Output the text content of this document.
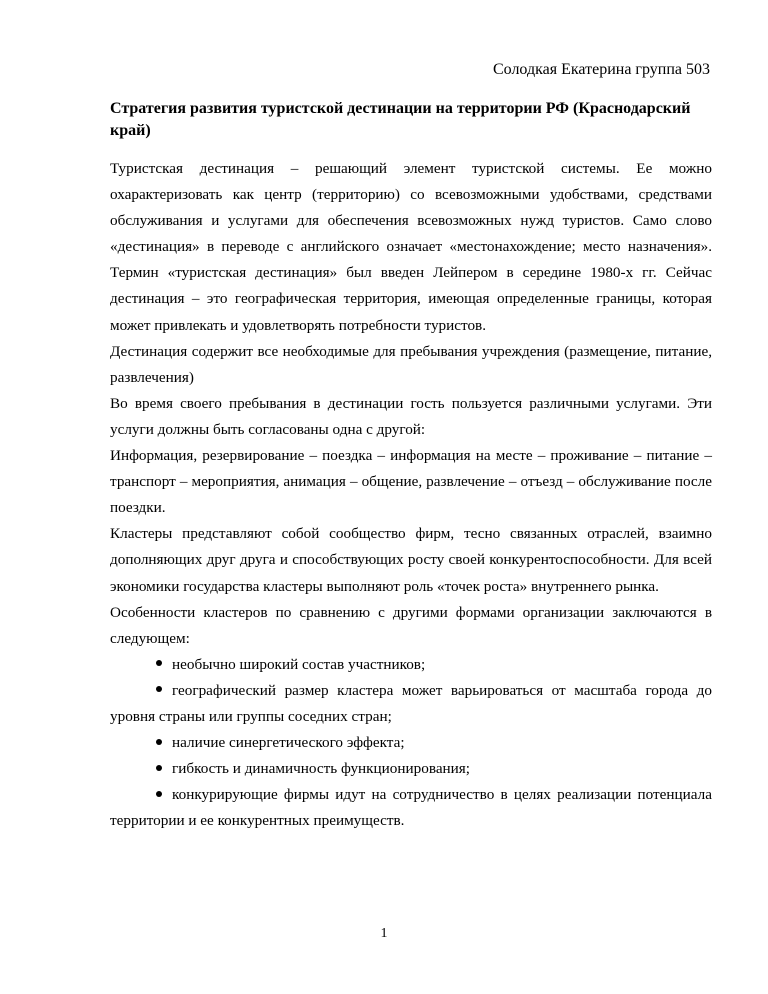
Солодкая Екатерина группа 503

Стратегия развития туристской дестинации на территории РФ (Краснодарский край)

Туристская дестинация – решающий элемент туристской системы. Ее можно охарактеризовать как центр (территорию) со всевозможными удобствами, средствами обслуживания и услугами для обеспечения всевозможных нужд туристов. Само слово «дестинация» в переводе с английского означает «местонахождение; место назначения». Термин «туристская дестинация» был введен Лейпером в середине 1980-х гг. Сейчас дестинация – это географическая территория, имеющая определенные границы, которая может привлекать и удовлетворять потребности туристов.

Дестинация содержит все необходимые для пребывания учреждения (размещение, питание, развлечения)

Во время своего пребывания в дестинации гость пользуется различными услугами. Эти услуги должны быть согласованы одна с другой:

Информация, резервирование – поездка – информация на месте – проживание – питание – транспорт – мероприятия, анимация – общение, развлечение – отъезд – обслуживание после поездки.

Кластеры представляют собой сообщество фирм, тесно связанных отраслей, взаимно дополняющих друг друга и способствующих росту своей конкурентоспособности. Для всей экономики государства кластеры выполняют роль «точек роста» внутреннего рынка.

Особенности кластеров по сравнению с другими формами организации заключаются в следующем:

необычно широкий состав участников;
географический размер кластера может варьироваться от масштаба города до уровня страны или группы соседних стран;
наличие синергетического эффекта;
гибкость и динамичность функционирования;
конкурирующие фирмы идут на сотрудничество в целях реализации потенциала территории и ее конкурентных преимуществ.
1
